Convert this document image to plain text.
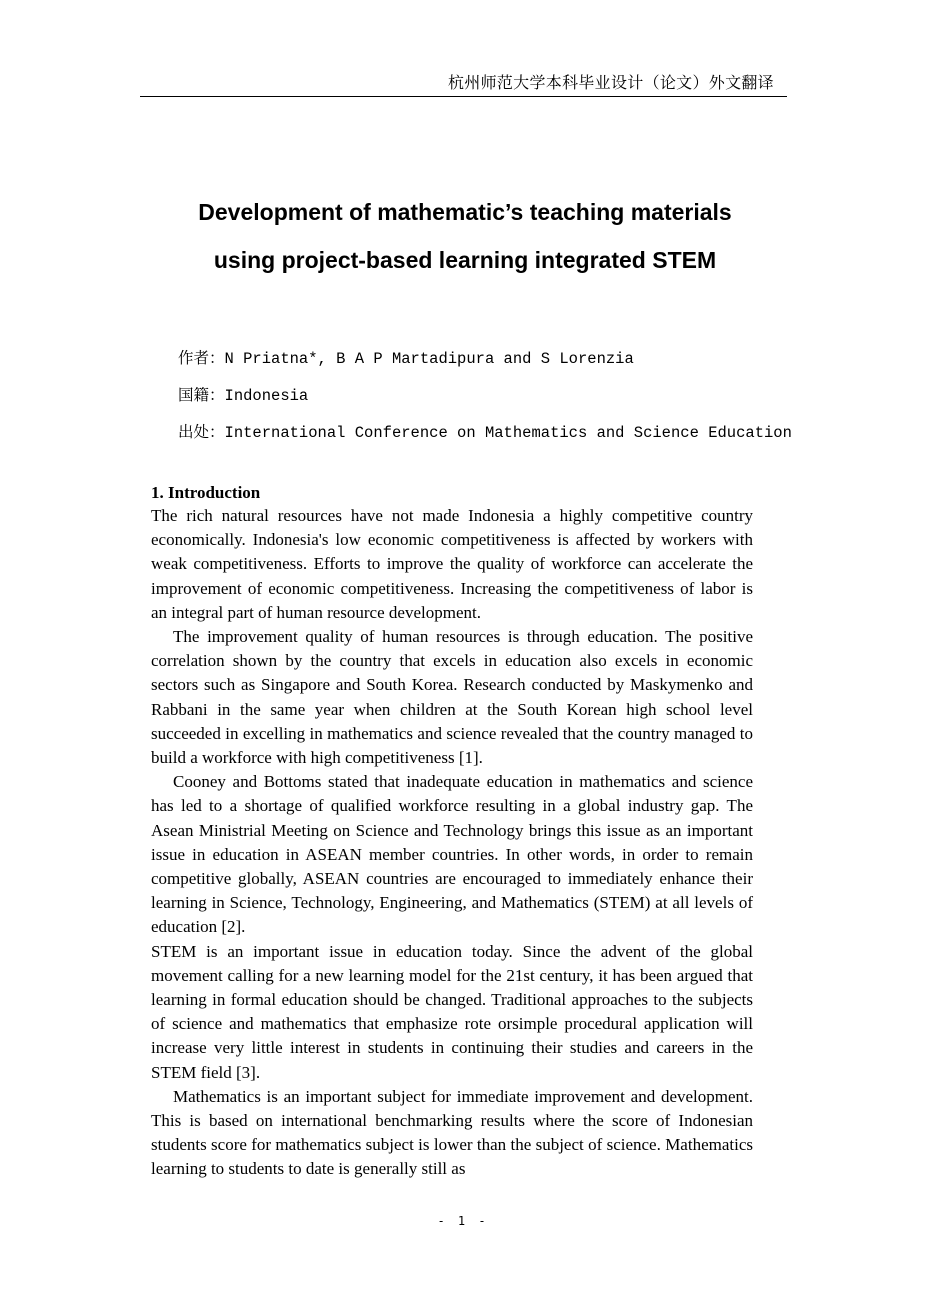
杭州师范大学本科毕业设计（论文）外文翻译
Development of mathematic’s teaching materials
using project-based learning integrated STEM
作者：N Priatna*, B A P Martadipura and S Lorenzia
国籍：Indonesia
出处：International Conference on Mathematics and Science Education
1. Introduction

The rich natural resources have not made Indonesia a highly competitive country economically. Indonesia's low economic competitiveness is affected by workers with weak competitiveness. Efforts to improve the quality of workforce can accelerate the improvement of economic competitiveness. Increasing the competitiveness of labor is an integral part of human resource development.

The improvement quality of human resources is through education. The positive correlation shown by the country that excels in education also excels in economic sectors such as Singapore and South Korea. Research conducted by Maskymenko and Rabbani in the same year when children at the South Korean high school level succeeded in excelling in mathematics and science revealed that the country managed to build a workforce with high competitiveness [1].

Cooney and Bottoms stated that inadequate education in mathematics and science has led to a shortage of qualified workforce resulting in a global industry gap. The Asean Ministrial Meeting on Science and Technology brings this issue as an important issue in education in ASEAN member countries. In other words, in order to remain competitive globally, ASEAN countries are encouraged to immediately enhance their learning in Science, Technology, Engineering, and Mathematics (STEM) at all levels of education [2].

STEM is an important issue in education today. Since the advent of the global movement calling for a new learning model for the 21st century, it has been argued that learning in formal education should be changed. Traditional approaches to the subjects of science and mathematics that emphasize rote orsimple procedural application will increase very little interest in students in continuing their studies and careers in the STEM field [3].

Mathematics is an important subject for immediate improvement and development. This is based on international benchmarking results where the score of Indonesian students score for mathematics subject is lower than the subject of science. Mathematics learning to students to date is generally still as

- 1 -
